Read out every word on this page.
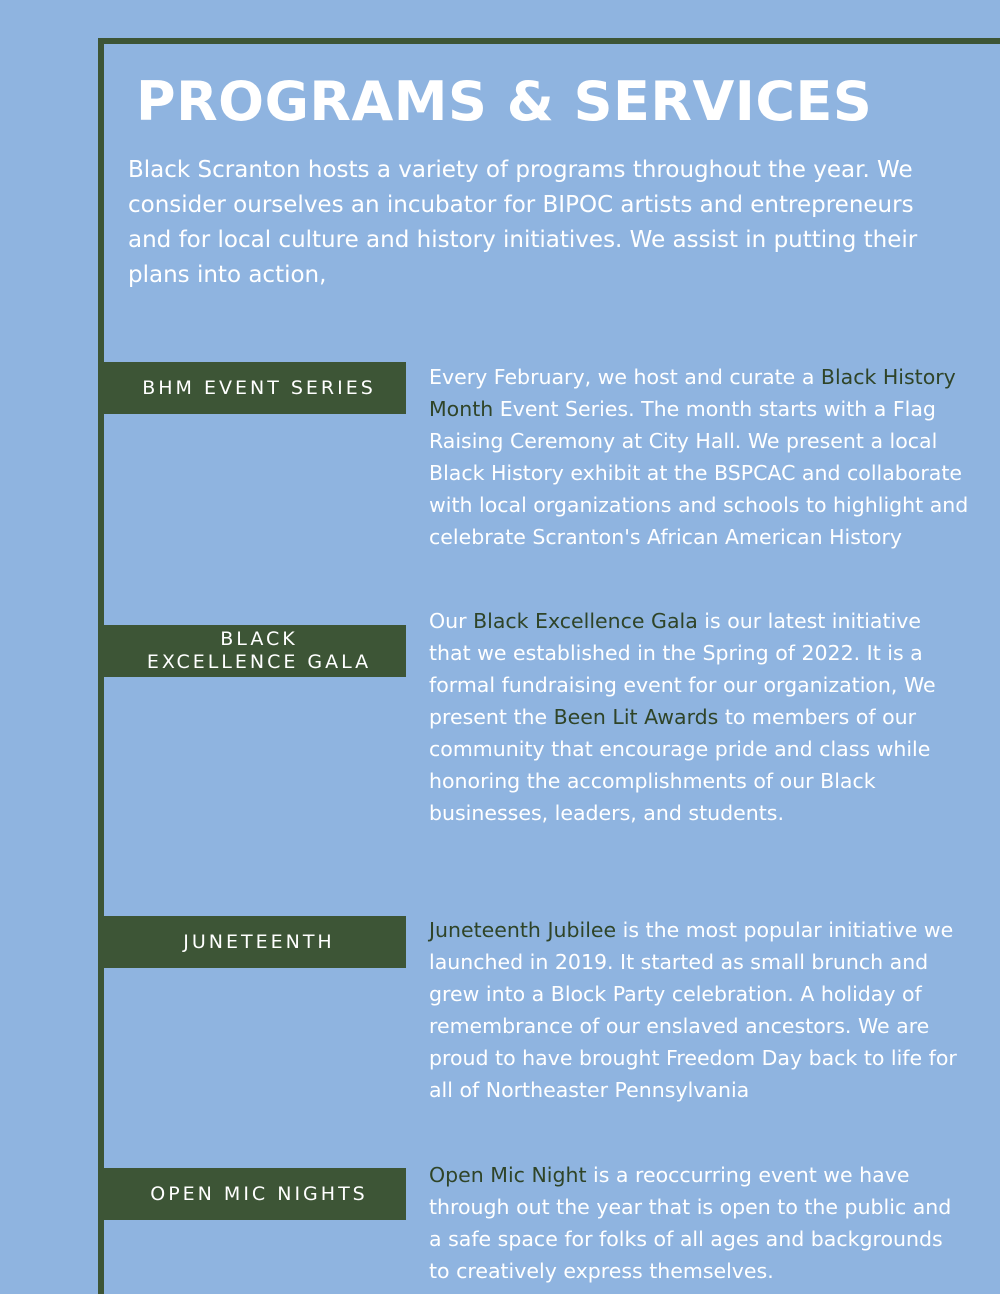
PROGRAMS & SERVICES

Black Scranton hosts a variety of programs throughout the year. We consider ourselves an incubator for BIPOC artists and entrepreneurs and for local culture and history initiatives. We assist in putting their plans into action,

BHM EVENT SERIES	Every February, we host and curate a Black History Month Event Series. The month starts with a Flag Raising Ceremony at City Hall. We present a local Black History exhibit at the BSPCAC and collaborate with local organizations and schools to highlight and celebrate Scranton's African American History

BLACK
EXCELLENCE GALA

Our Black Excellence Gala is our latest initiative that we established in the Spring of 2022. It is a formal fundraising event for our organization, We present the Been Lit Awards to members of our community that encourage pride and class while honoring the accomplishments of our Black businesses, leaders, and students.

JUNETEENTH	Juneteenth Jubilee is the most popular initiative we launched in 2019. It started as small brunch and grew into a Block Party celebration. A holiday of remembrance of our enslaved ancestors. We are proud to have brought Freedom Day back to life for all of Northeaster Pennsylvania

OPEN MIC NIGHTS

Open Mic Night is a reoccurring event we have through out the year that is open to the public and a safe space for folks of all ages and backgrounds to creatively express themselves.
